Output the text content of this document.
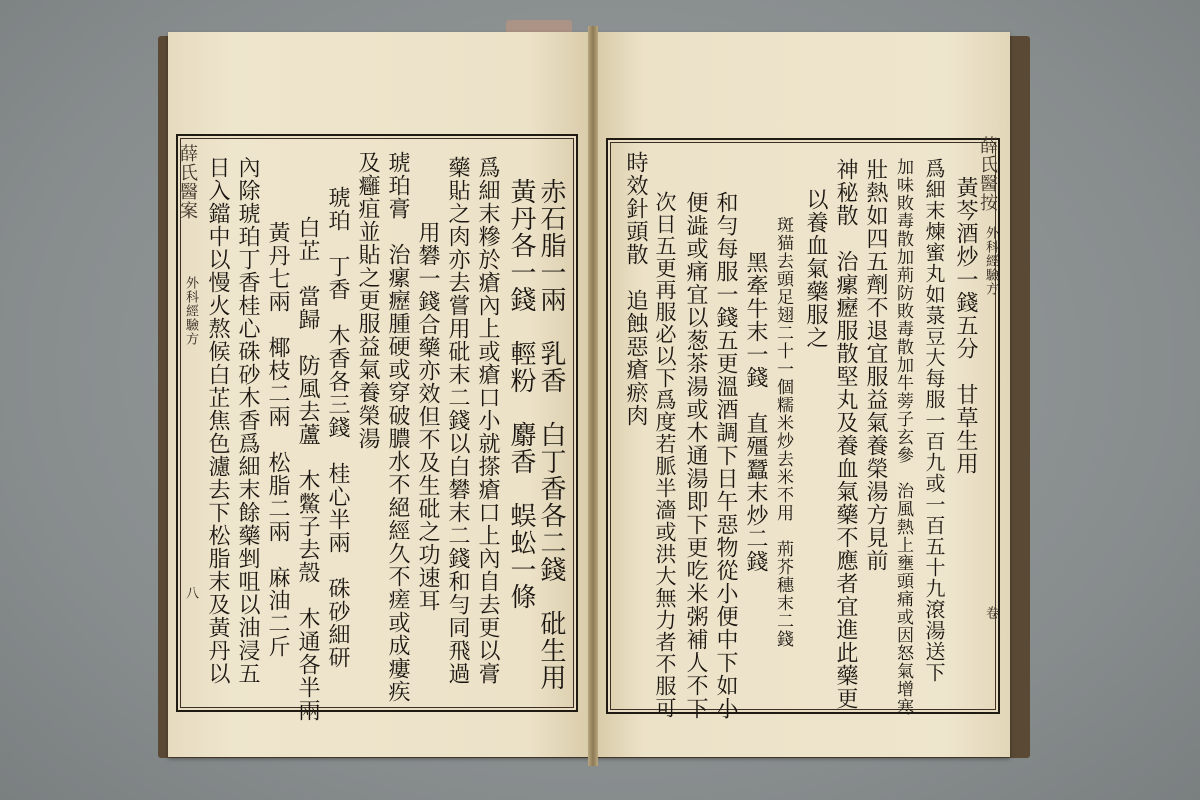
薛氏醫案
外科經驗方
八	赤石脂一兩　乳香　白丁香各二錢　砒生用
黃丹各一錢　輕粉　麝香　蜈蚣一條
爲細末糝於瘡內上或瘡口小就搽瘡口上內自去更以膏
藥貼之肉亦去嘗用砒末二錢以白礬末二錢和勻同飛過
用礬一錢合藥亦效但不及生砒之功速耳
琥珀膏　治瘰癧腫硬或穿破膿水不絕經久不瘥或成瘻疾
及癰疽並貼之更服益氣養榮湯
琥珀　丁香　木香各三錢　桂心半兩　硃砂細研
白芷　當歸　防風去蘆　木鱉子去殼　木通各半兩
黃丹七兩　椰枝二兩　松脂二兩　麻油二斤
內除琥珀丁香桂心硃砂木香爲細末餘藥剉咀以油浸五
日入鐺中以慢火熬候白芷焦色濾去下松脂末及黃丹以	薛氏醫按
外科經驗方
卷
黃芩酒炒一錢五分　甘草生用
爲細末煉蜜丸如菉豆大每服一百九或一百五十九滾湯送下
加味敗毒散加荊防敗毒散加牛蒡子玄參　治風熱上壅頭痛或因怒氣增寒
壯熱如四五劑不退宜服益氣養榮湯方見前
神秘散　治瘰癧服散堅丸及養血氣藥不應者宜進此藥更
以養血氣藥服之
斑猫去頭足翅二十一個糯米炒去米不用　荊芥穗末二錢
黑牽牛末一錢　直殭蠶末炒二錢
和勻每服一錢五更溫酒調下日午惡物從小便中下如小
便澁或痛宜以葱茶湯或木通湯即下更吃米粥補人不下
次日五更再服必以下爲度若脈半濇或洪大無力者不服可
時效針頭散　追蝕惡瘡瘀肉
